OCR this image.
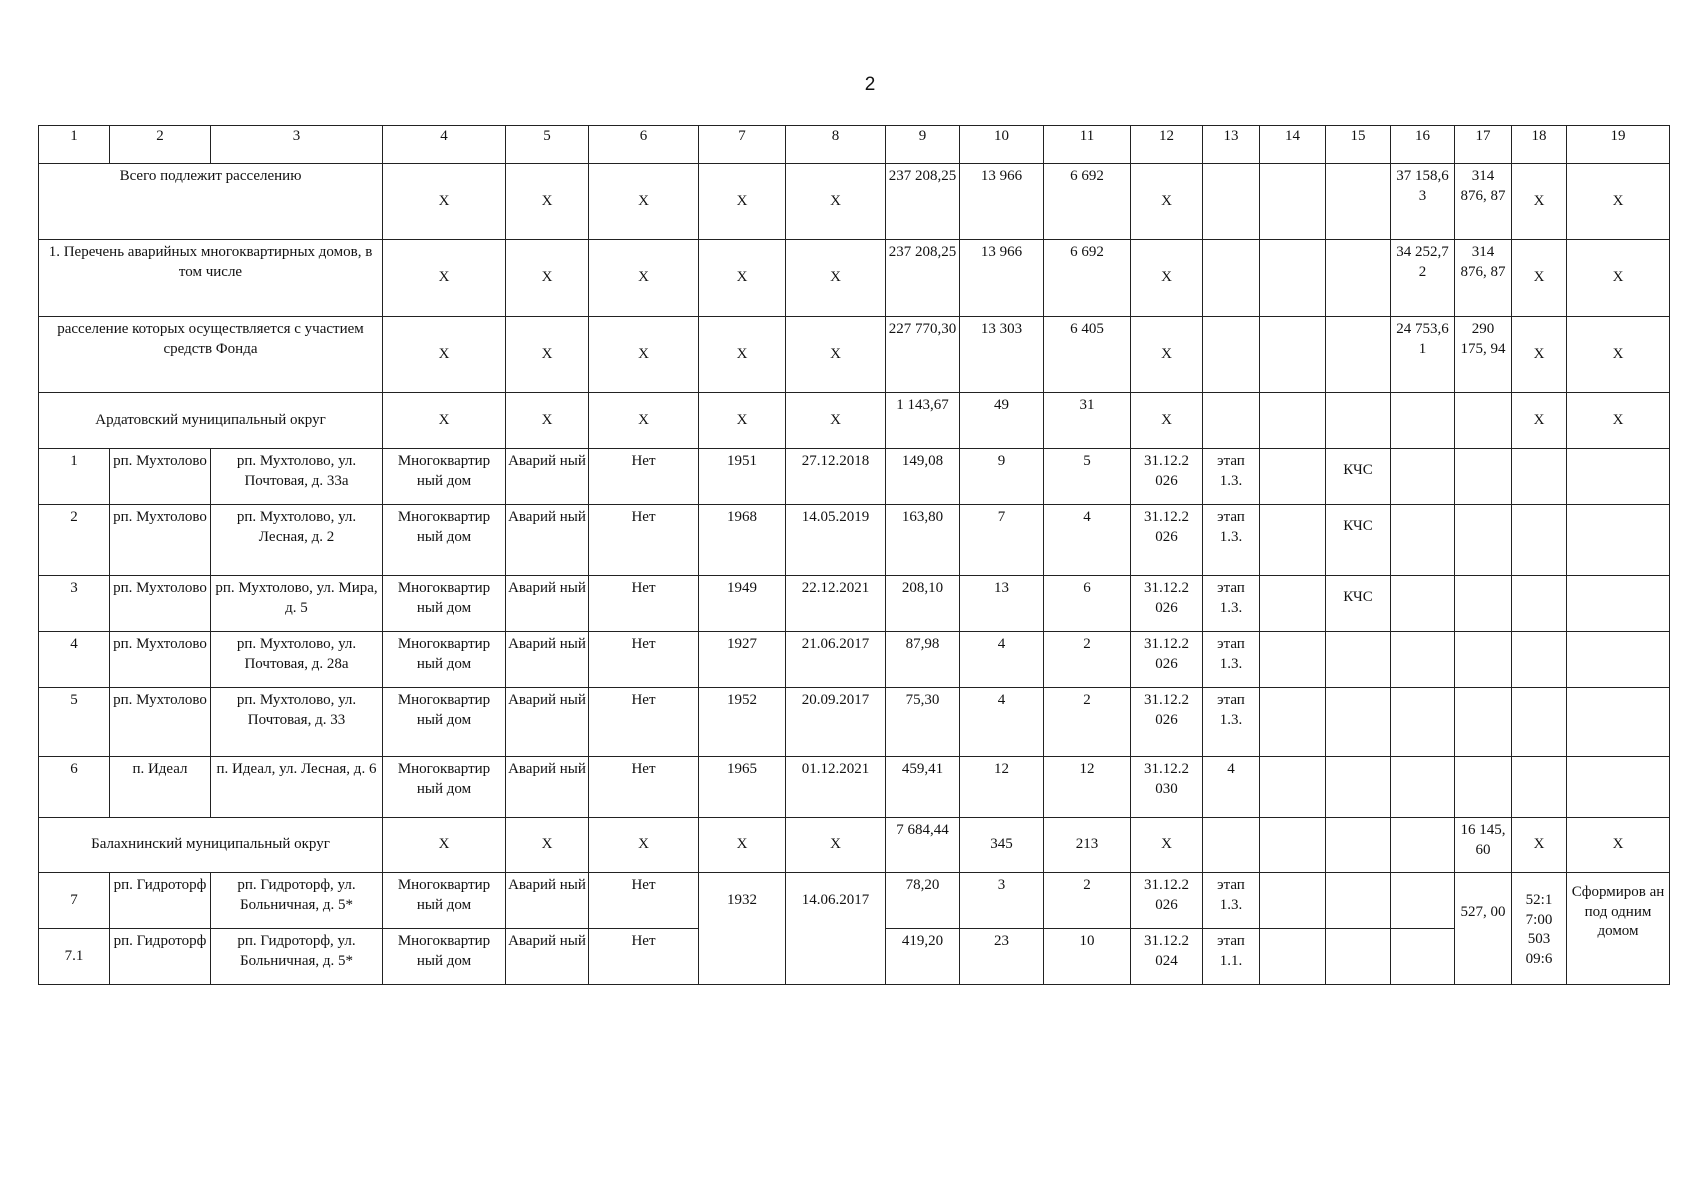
2
1	2	3	4	5	6	7	8	9	10	11	12	13	14	15	16	17	18	19
Всего подлежит расселению			X	X	X	X	X	237 208,25	13 966	6 692	X				37 158,6 3	314 876, 87	X	X
1. Перечень аварийных многоквартирных домов, в том числе			X	X	X	X	X	237 208,25	13 966	6 692	X				34 252,7 2	314 876, 87	X	X
расселение которых осуществляется с участием средств Фонда			X	X	X	X	X	227 770,30	13 303	6 405	X				24 753,6 1	290 175, 94	X	X
Ардатовский муниципальный округ			X	X	X	X	X	1 143,67	49	31	X						X	X
1	рп. Мухтолово	рп. Мухтолово, ул. Почтовая, д. 33а	Многоквартир ный дом	Аварий ный	Нет	1951	27.12.2018	149,08	9	5	31.12.2 026	этап 1.3.		КЧС				
2	рп. Мухтолово	рп. Мухтолово, ул. Лесная, д. 2	Многоквартир ный дом	Аварий ный	Нет	1968	14.05.2019	163,80	7	4	31.12.2 026	этап 1.3.		КЧС				
3	рп. Мухтолово	рп. Мухтолово, ул. Мира, д. 5	Многоквартир ный дом	Аварий ный	Нет	1949	22.12.2021	208,10	13	6	31.12.2 026	этап 1.3.		КЧС				
4	рп. Мухтолово	рп. Мухтолово, ул. Почтовая, д. 28а	Многоквартир ный дом	Аварий ный	Нет	1927	21.06.2017	87,98	4	2	31.12.2 026	этап 1.3.						
5	рп. Мухтолово	рп. Мухтолово, ул. Почтовая, д. 33	Многоквартир ный дом	Аварий ный	Нет	1952	20.09.2017	75,30	4	2	31.12.2 026	этап 1.3.						
6	п. Идеал	п. Идеал, ул. Лесная, д. 6	Многоквартир ный дом	Аварий ный	Нет	1965	01.12.2021	459,41	12	12	31.12.2 030	4						
Балахнинский муниципальный округ			X	X	X	X	X	7 684,44	345	213	X					16 145, 60	X	X
7	рп. Гидроторф	рп. Гидроторф, ул. Больничная, д. 5*	Многоквартир ный дом	Аварий ный	Нет	1932	14.06.2017	78,20	3	2	31.12.2 026	этап 1.3.				527, 00	52:1 7:00 503 09:6	Сформиров ан под одним домом
7.1	рп. Гидроторф	рп. Гидроторф, ул. Больничная, д. 5*	Многоквартир ный дом	Аварий ный	Нет			419,20	23	10	31.12.2 024	этап 1.1.						
